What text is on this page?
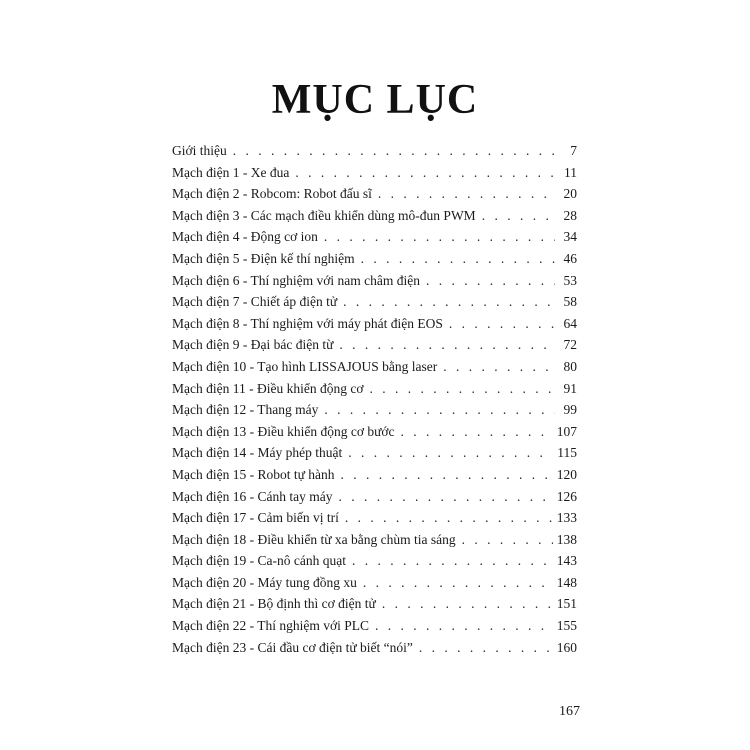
MỤC LỤC
Giới thiệu . . .	7
Mạch điện 1 - Xe đua . . .	11
Mạch điện 2 - Robcom: Robot đấu sĩ . . .	20
Mạch điện 3 - Các mạch điều khiển dùng mô-đun PWM . . .	28
Mạch điện 4 - Động cơ ion . . .	34
Mạch điện 5 - Điện kế thí nghiệm . . .	46
Mạch điện 6 - Thí nghiệm với nam châm điện . . .	53
Mạch điện 7 - Chiết áp điện tử . . .	58
Mạch điện 8 - Thí nghiệm với máy phát điện EOS . . .	64
Mạch điện 9 - Đại bác điện từ . . .	72
Mạch điện 10 - Tạo hình LISSAJOUS bằng laser . . .	80
Mạch điện 11 - Điều khiển động cơ . . .	91
Mạch điện 12 - Thang máy . . .	99
Mạch điện 13 - Điều khiển động cơ bước . . .	107
Mạch điện 14 - Máy phép thuật . . .	115
Mạch điện 15 - Robot tự hành . . .	120
Mạch điện 16 - Cánh tay máy . . .	126
Mạch điện 17 - Cảm biến vị trí . . .	133
Mạch điện 18 - Điều khiển từ xa bằng chùm tia sáng . . .	138
Mạch điện 19 - Ca-nô cánh quạt . . .	143
Mạch điện 20 - Máy tung đồng xu . . .	148
Mạch điện 21 - Bộ định thì cơ điện tử . . .	151
Mạch điện 22 - Thí nghiệm với PLC . . .	155
Mạch điện 23 - Cái đầu cơ điện tử biết “nói” . . .	160
167
